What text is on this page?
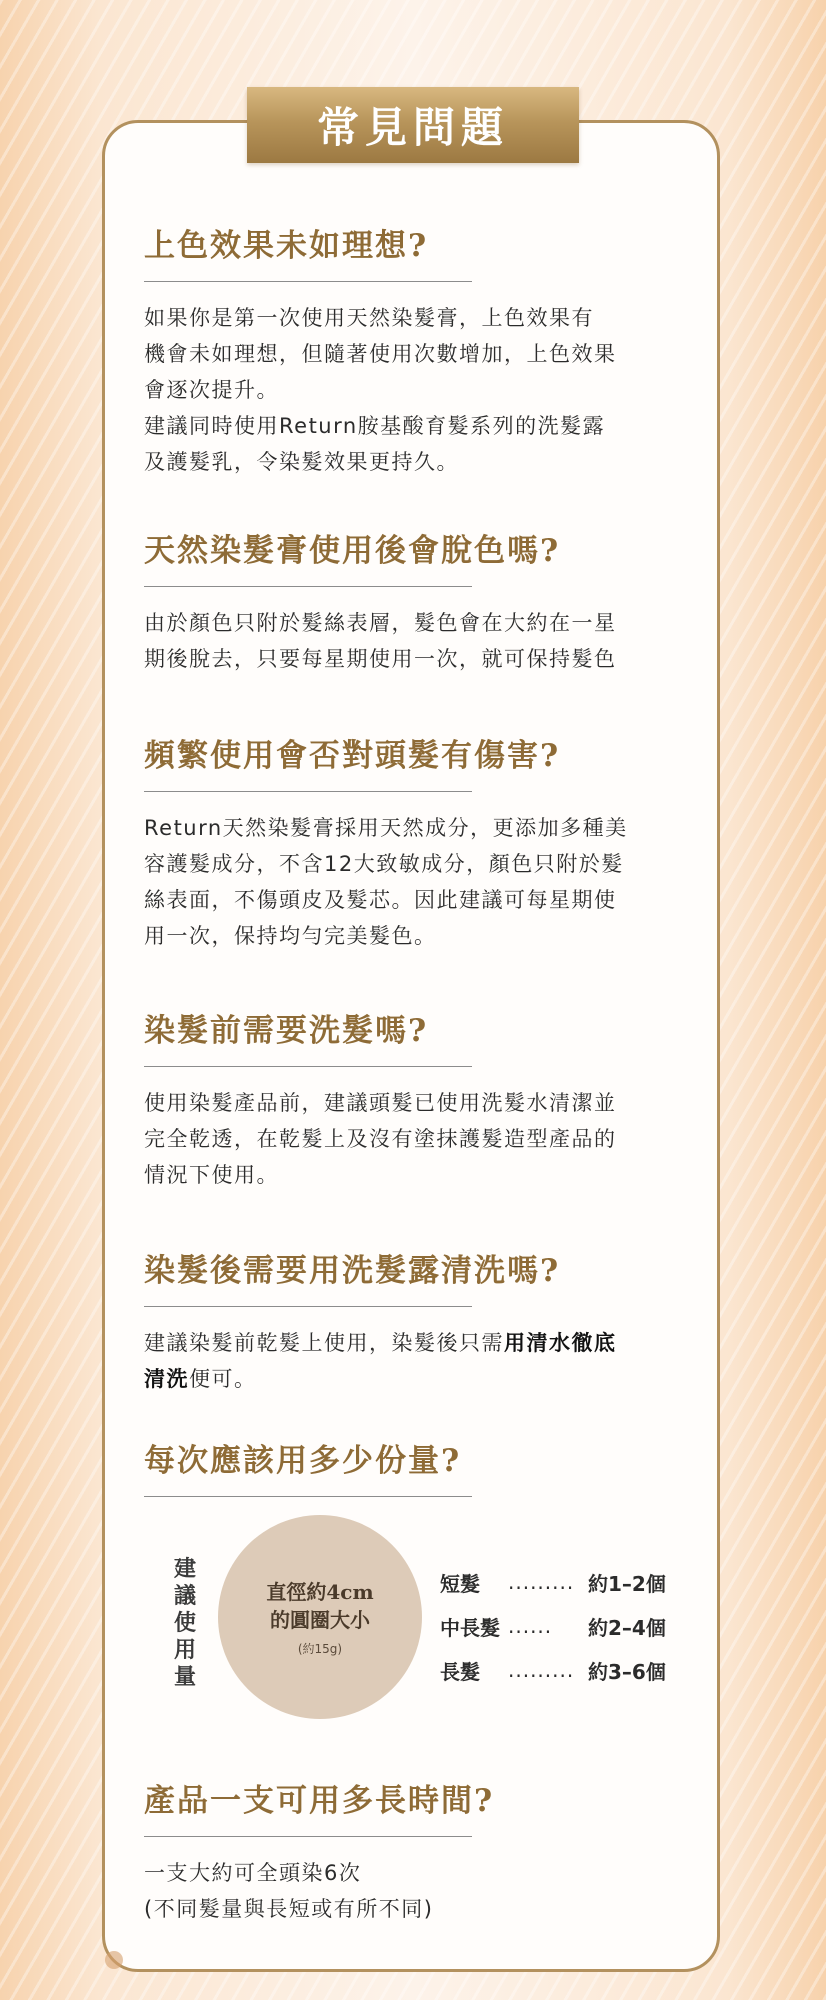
常見問題
上色效果未如理想?

如果你是第一次使用天然染髮膏，上色效果有
機會未如理想，但隨著使用次數增加，上色效果
會逐次提升。
建議同時使用Return胺基酸育髮系列的洗髮露
及護髮乳，令染髮效果更持久。

天然染髮膏使用後會脫色嗎?

由於顏色只附於髮絲表層，髮色會在大約在一星
期後脫去，只要每星期使用一次，就可保持髮色

頻繁使用會否對頭髮有傷害?

Return天然染髮膏採用天然成分，更添加多種美
容護髮成分，不含12大致敏成分，顏色只附於髮
絲表面，不傷頭皮及髮芯。因此建議可每星期使
用一次，保持均勻完美髮色。

染髮前需要洗髮嗎?

使用染髮產品前，建議頭髮已使用洗髮水清潔並
完全乾透，在乾髮上及沒有塗抹護髮造型產品的
情況下使用。

染髮後需要用洗髮露清洗嗎?

建議染髮前乾髮上使用，染髮後只需用清水徹底
清洗便可。

每次應該用多少份量?
建議使用量
直徑約4cm的圓圈大小
(約15g)
短髮	......... 約1–2個
中長髮 ......	約2–4個
長髮	......... 約3–6個
產品一支可用多長時間?

一支大約可全頭染6次
(不同髮量與長短或有所不同)
